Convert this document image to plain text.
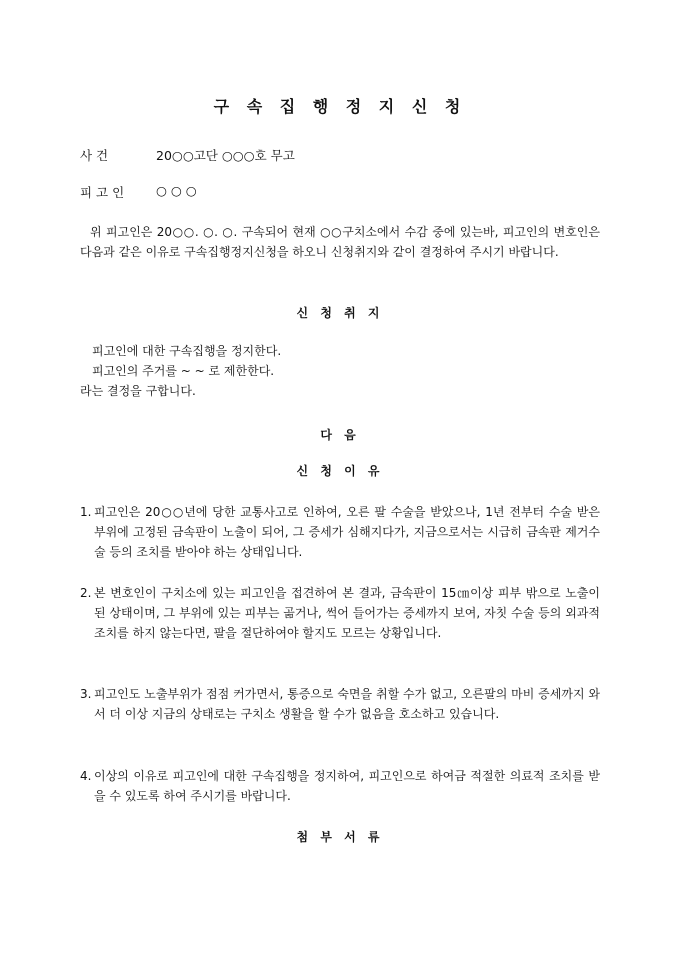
구 속 집 행 정 지 신 청
사 건	20○○고단 ○○○호 무고
피 고 인	○ ○ ○
위 피고인은 20○○. ○. ○. 구속되어 현재 ○○구치소에서 수감 중에 있는바, 피고인의 변호인은 다음과 같은 이유로 구속집행정지신청을 하오니 신청취지와 같이 결정하여 주시기 바랍니다.
신 청 취 지
피고인에 대한 구속집행을 정지한다.
피고인의 주거를 ~ ~ 로 제한한다.
라는 결정을 구합니다.
다 음
신 청 이 유
1. 피고인은 20○○년에 당한 교통사고로 인하여, 오른 팔 수술을 받았으나, 1년 전부터 수술 받은 부위에 고정된 금속판이 노출이 되어, 그 증세가 심해지다가, 지금으로서는 시급히 금속판 제거수술 등의 조치를 받아야 하는 상태입니다.
2. 본 변호인이 구치소에 있는 피고인을 접견하여 본 결과, 금속판이 15㎝이상 피부 밖으로 노출이 된 상태이며, 그 부위에 있는 피부는 곪거나, 썩어 들어가는 증세까지 보여, 자칫 수술 등의 외과적 조치를 하지 않는다면, 팔을 절단하여야 할지도 모르는 상황입니다.
3. 피고인도 노출부위가 점점 커가면서, 통증으로 숙면을 취할 수가 없고, 오른팔의 마비 증세까지 와서 더 이상 지금의 상태로는 구치소 생활을 할 수가 없음을 호소하고 있습니다.
4. 이상의 이유로 피고인에 대한 구속집행을 정지하여, 피고인으로 하여금 적절한 의료적 조치를 받을 수 있도록 하여 주시기를 바랍니다.
첨 부 서 류
